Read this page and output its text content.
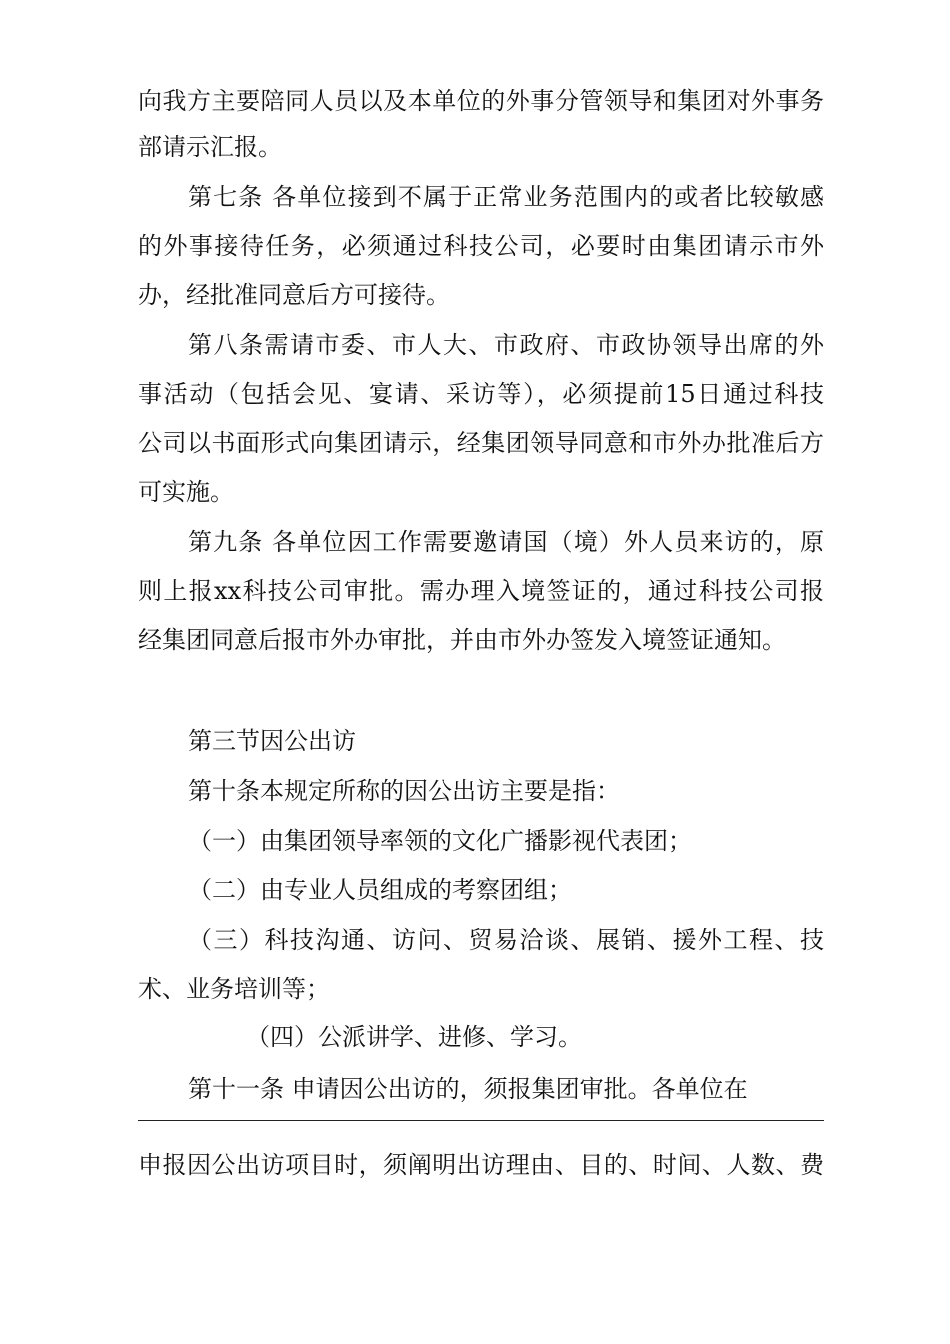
向我方主要陪同人员以及本单位的外事分管领导和集团对外事务
部请示汇报。
第七条 各单位接到不属于正常业务范围内的或者比较敏感
的外事接待任务，必须通过科技公司，必要时由集团请示市外
办，经批准同意后方可接待。
第八条需请市委、市人大、市政府、市政协领导出席的外
事活动（包括会见、宴请、采访等），必须提前15日通过科技
公司以书面形式向集团请示，经集团领导同意和市外办批准后方
可实施。
第九条 各单位因工作需要邀请国（境）外人员来访的，原
则上报xx科技公司审批。需办理入境签证的，通过科技公司报
经集团同意后报市外办审批，并由市外办签发入境签证通知。
第三节因公出访
第十条本规定所称的因公出访主要是指：
（一）由集团领导率领的文化广播影视代表团；
（二）由专业人员组成的考察团组；
（三）科技沟通、访问、贸易洽谈、展销、援外工程、技
术、业务培训等；
（四）公派讲学、进修、学习。
第十一条 申请因公出访的，须报集团审批。各单位在
申报因公出访项目时，须阐明出访理由、目的、时间、人数、费
